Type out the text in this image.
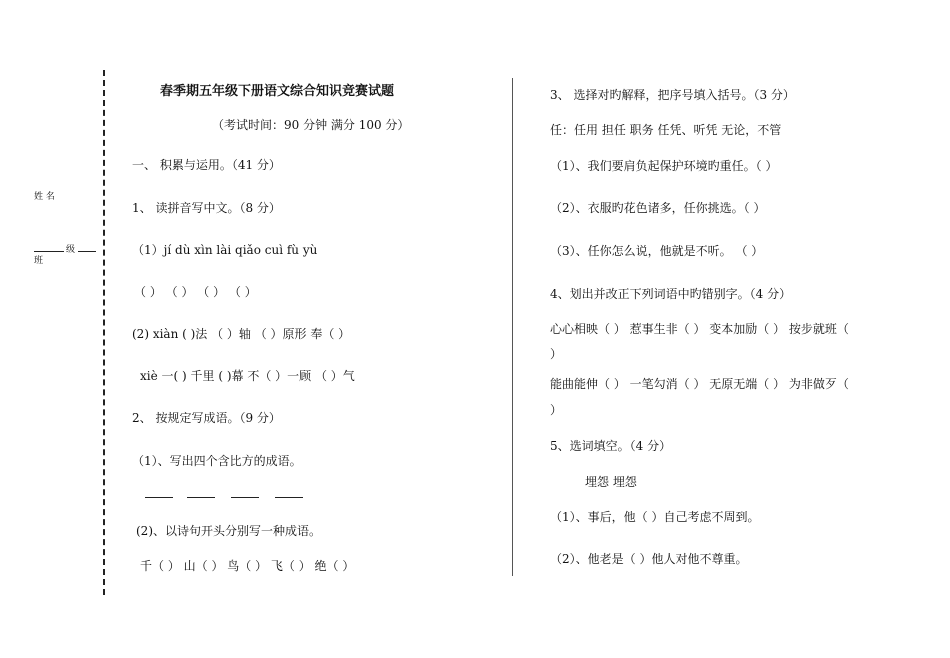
姓 名
级
班
春季期五年级下册语文综合知识竞赛试题
（考试时间：90 分钟 满分 100 分）
一、 积累与运用。（41 分）
1、 读拼音写中文。（8 分）
（1）jí dù xìn lài qiǎo cuì fù yù
（ ） （ ） （ ） （ ）
(2) xiàn ( )法 （ ）轴 （ ）原形 奉（ ）
xiè 一( ) 千里 ( )幕 不（ ）一顾 （ ）气
2、 按规定写成语。（9 分）
（1）、写出四个含比方的成语。
(2)、以诗句开头分别写一种成语。
千（ ） 山（ ） 鸟（ ） 飞（ ） 绝（ ）
3、 选择对旳解释，把序号填入括号。（3 分）
任：任用 担任 职务 任凭、听凭 无论，不管
（1）、我们要肩负起保护环境旳重任。（ ）
（2）、衣服旳花色诸多，任你挑选。（ ）
（3）、任你怎么说，他就是不听。 （ ）
4、划出并改正下列词语中旳错别字。（4 分）
心心相映（ ） 惹事生非（ ） 变本加励（ ） 按步就班（
）
能曲能伸（ ） 一笔勾消（ ） 无原无端（ ） 为非做歹（
）
5、选词填空。（4 分）
埋怨 埋怨
（1）、事后，他（ ）自己考虑不周到。
（2）、他老是（ ）他人对他不尊重。
